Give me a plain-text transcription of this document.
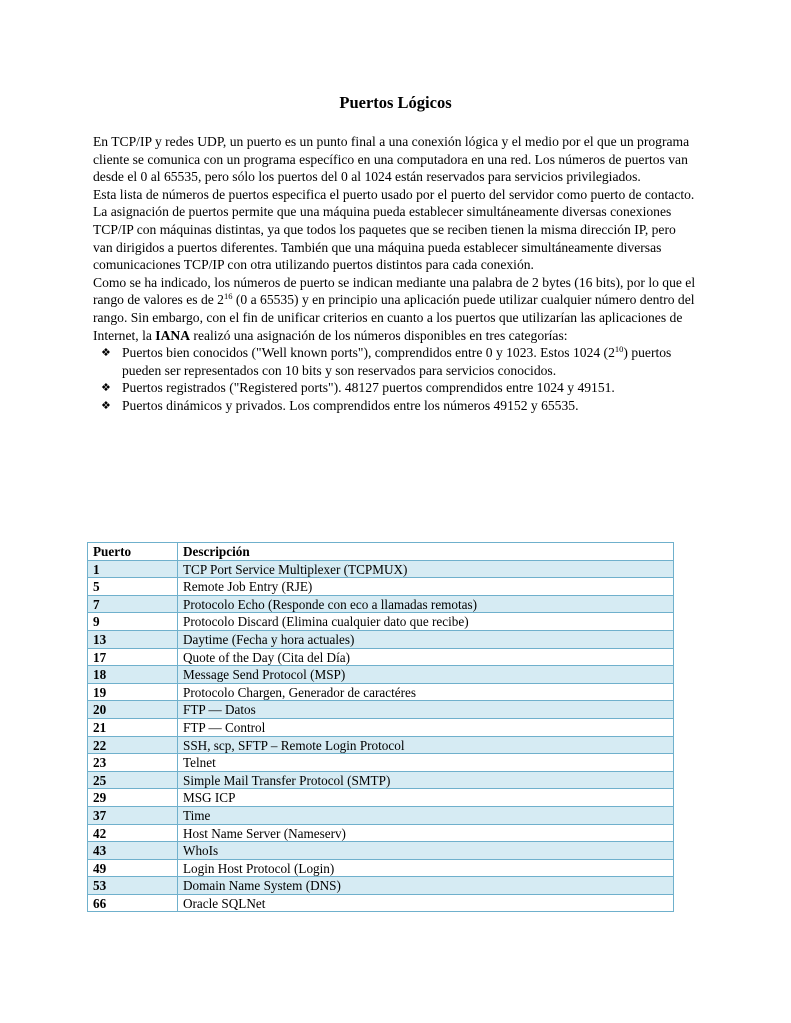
Puertos Lógicos

En TCP/IP y redes UDP, un puerto es un punto final a una conexión lógica y el medio por el que un programa cliente se comunica con un programa específico en una computadora en una red. Los números de puertos van desde el 0 al 65535, pero sólo los puertos del 0 al 1024 están reservados para servicios privilegiados.

Esta lista de números de puertos especifica el puerto usado por el puerto del servidor como puerto de contacto.

La asignación de puertos permite que una máquina pueda establecer simultáneamente diversas conexiones TCP/IP con máquinas distintas, ya que todos los paquetes que se reciben tienen la misma dirección IP, pero van dirigidos a puertos diferentes. También que una máquina pueda establecer simultáneamente diversas comunicaciones TCP/IP con otra utilizando puertos distintos para cada conexión.

Como se ha indicado, los números de puerto se indican mediante una palabra de 2 bytes (16 bits), por lo que el rango de valores es de $2^{16}$ (0 a 65535) y en principio una aplicación puede utilizar cualquier número dentro del rango. Sin embargo, con el fin de unificar criterios en cuanto a los puertos que utilizarían las aplicaciones de Internet, la IANA realizó una asignación de los números disponibles en tres categorías:

❖ Puertos bien conocidos ("Well known ports"), comprendidos entre 0 y 1023. Estos 1024 $(2^{10})$ puertos pueden ser representados con 10 bits y son reservados para servicios conocidos.
❖ Puertos registrados ("Registered ports"). 48127 puertos comprendidos entre 1024 y 49151.
❖ Puertos dinámicos y privados. Los comprendidos entre los números 49152 y 65535.
Puerto	Descripción
1	TCP Port Service Multiplexer (TCPMUX)
5	Remote Job Entry (RJE)
7	Protocolo Echo (Responde con eco a llamadas remotas)
9	Protocolo Discard (Elimina cualquier dato que recibe)
13	Daytime (Fecha y hora actuales)
17	Quote of the Day (Cita del Día)
18	Message Send Protocol (MSP)
19	Protocolo Chargen, Generador de caractéres
20	FTP — Datos
21	FTP — Control
22	SSH, scp, SFTP – Remote Login Protocol
23	Telnet
25	Simple Mail Transfer Protocol (SMTP)
29	MSG ICP
37	Time
42	Host Name Server (Nameserv)
43	WhoIs
49	Login Host Protocol (Login)
53	Domain Name System (DNS)
66	Oracle SQLNet
